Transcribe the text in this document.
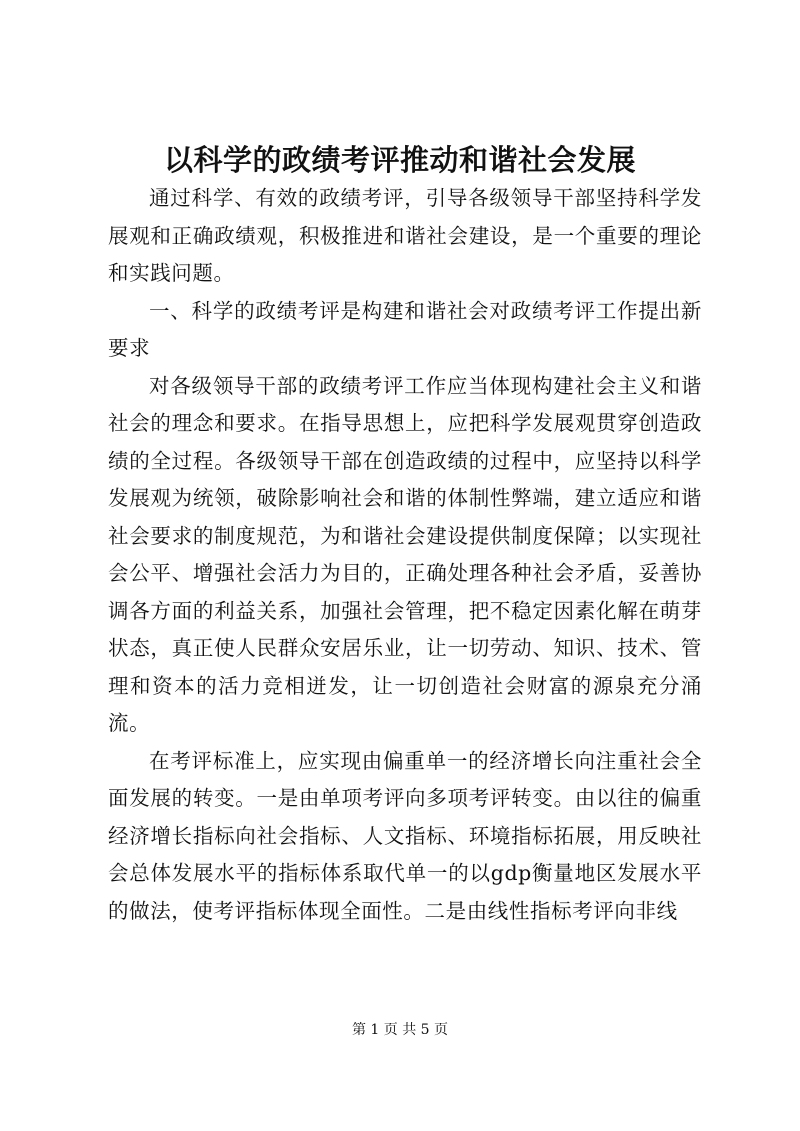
以科学的政绩考评推动和谐社会发展

通过科学、有效的政绩考评，引导各级领导干部坚持科学发展观和正确政绩观，积极推进和谐社会建设，是一个重要的理论和实践问题。

一、科学的政绩考评是构建和谐社会对政绩考评工作提出新要求

对各级领导干部的政绩考评工作应当体现构建社会主义和谐社会的理念和要求。在指导思想上，应把科学发展观贯穿创造政绩的全过程。各级领导干部在创造政绩的过程中，应坚持以科学发展观为统领，破除影响社会和谐的体制性弊端，建立适应和谐社会要求的制度规范，为和谐社会建设提供制度保障；以实现社会公平、增强社会活力为目的，正确处理各种社会矛盾，妥善协调各方面的利益关系，加强社会管理，把不稳定因素化解在萌芽状态，真正使人民群众安居乐业，让一切劳动、知识、技术、管理和资本的活力竞相迸发，让一切创造社会财富的源泉充分涌流。

在考评标准上，应实现由偏重单一的经济增长向注重社会全面发展的转变。一是由单项考评向多项考评转变。由以往的偏重经济增长指标向社会指标、人文指标、环境指标拓展，用反映社会总体发展水平的指标体系取代单一的以gdp衡量地区发展水平的做法，使考评指标体现全面性。二是由线性指标考评向非线

第 1 页 共 5 页
